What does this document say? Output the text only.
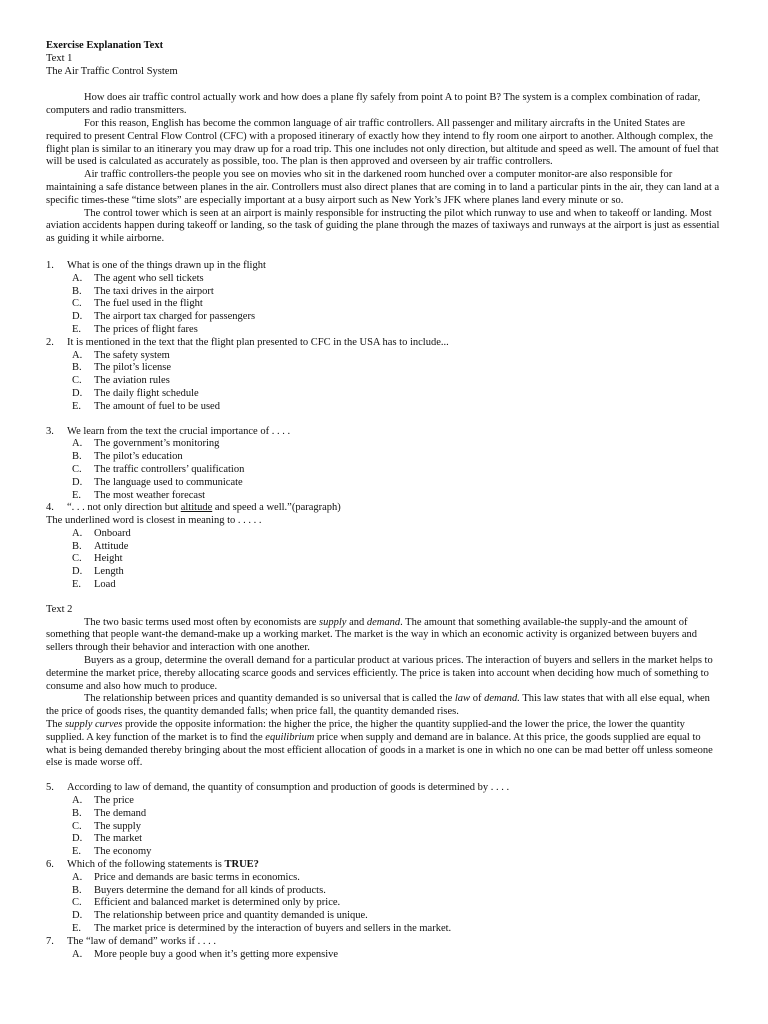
Exercise Explanation Text

Text 1

The Air Traffic Control System

How does air traffic control actually work and how does a plane fly safely from point A to point B? The system is a complex combination of radar, computers and radio transmitters.

For this reason, English has become the common language of air traffic controllers. All passenger and military aircrafts in the United States are required to present Central Flow Control (CFC) with a proposed itinerary of exactly how they intend to fly room one airport to another. Although complex, the flight plan is similar to an itinerary you may draw up for a road trip. This one includes not only direction, but altitude and speed as well. The amount of fuel that will be used is calculated as accurately as possible, too. The plan is then approved and overseen by air traffic controllers.

Air traffic controllers-the people you see on movies who sit in the darkened room hunched over a computer monitor-are also responsible for maintaining a safe distance between planes in the air. Controllers must also direct planes that are coming in to land a particular pints in the air, they can land at a specific times-these “time slots” are especially important at a busy airport such as New York’s JFK where planes land every minute or so.

The control tower which is seen at an airport is mainly responsible for instructing the pilot which runway to use and when to takeoff or landing. Most aviation accidents happen during takeoff or landing, so the task of guiding the plane through the mazes of taxiways and runways at the airport is just as essential as guiding it while airborne.

1.	What is one of the things drawn up in the flight
A.	The agent who sell tickets
B.	The taxi drives in the airport
C.	The fuel used in the flight
D.	The airport tax charged for passengers
E.	The prices of flight fares
2.	It is mentioned in the text that the flight plan presented to CFC in the USA has to include...
A.	The safety system
B.	The pilot’s license
C.	The aviation rules
D.	The daily flight schedule
E.	The amount of fuel to be used
3.	We learn from the text the crucial importance of . . . .
A.	The government’s monitoring
B.	The pilot’s education
C.	The traffic controllers’ qualification
D.	The language used to communicate
E.	The most weather forecast
4.	“. . . not only direction but altitude and speed a well.”(paragraph)

The underlined word is closest in meaning to . . . . .

A.	Onboard
B.	Attitude
C.	Height
D.	Length
E.	Load

Text 2

The two basic terms used most often by economists are supply and demand. The amount that something available-the supply-and the amount of something that people want-the demand-make up a working market. The market is the way in which an economic activity is organized between buyers and sellers through their behavior and interaction with one another.

Buyers as a group, determine the overall demand for a particular product at various prices. The interaction of buyers and sellers in the market helps to determine the market price, thereby allocating scarce goods and services efficiently. The price is taken into account when deciding how much of something to consume and also how much to produce.

The relationship between prices and quantity demanded is so universal that is called the law of demand. This law states that with all else equal, when the price of goods rises, the quantity demanded falls; when price fall, the quantity demanded rises.

The supply curves provide the opposite information: the higher the price, the higher the quantity supplied-and the lower the price, the lower the quantity supplied. A key function of the market is to find the equilibrium price when supply and demand are in balance. At this price, the goods supplied are equal to what is being demanded thereby bringing about the most efficient allocation of goods in a market is one in which no one can be mad better off unless someone else is made worse off.

5.	According to law of demand, the quantity of consumption and production of goods is determined by . . . .
A.	The price
B.	The demand
C.	The supply
D.	The market
E.	The economy
6.	Which of the following statements is TRUE?
A.	Price and demands are basic terms in economics.
B.	Buyers determine the demand for all kinds of products.
C.	Efficient and balanced market is determined only by price.
D.	The relationship between price and quantity demanded is unique.
E.	The market price is determined by the interaction of buyers and sellers in the market.
7.	The “law of demand” works if . . . .
A.	More people buy a good when it’s getting more expensive
